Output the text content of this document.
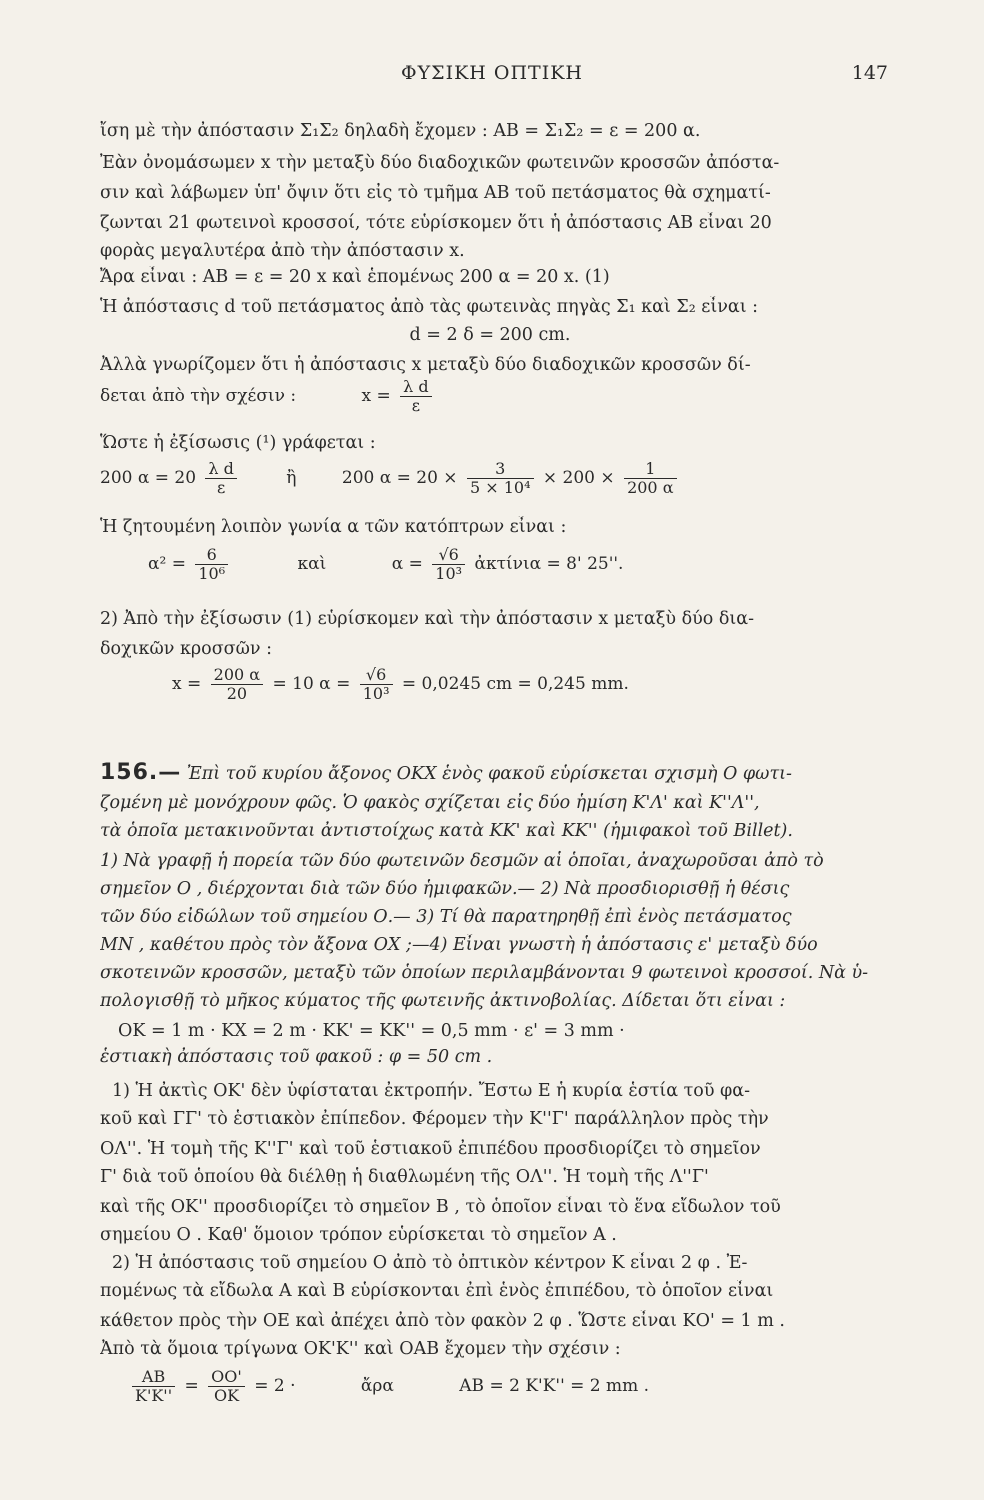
ΦΥΣΙΚΗ ΟΠΤΙΚΗ	147
ἴση μὲ τὴν ἀπόστασιν Σ₁Σ₂ δηλαδὴ ἔχομεν : ΑΒ = Σ₁Σ₂ = ε = 200 α.
Ἐὰν ὀνομάσωμεν x τὴν μεταξὺ δύο διαδοχικῶν φωτεινῶν κροσσῶν ἀπόστα-
σιν καὶ λάβωμεν ὑπ' ὄψιν ὅτι εἰς τὸ τμῆμα ΑΒ τοῦ πετάσματος θὰ σχηματί-
ζωνται 21 φωτεινοὶ κροσσοί, τότε εὑρίσκομεν ὅτι ἡ ἀπόστασις ΑΒ εἶναι 20
φορὰς μεγαλυτέρα ἀπὸ τὴν ἀπόστασιν x.
Ἄρα εἶναι : ΑΒ = ε = 20 x καὶ ἑπομένως 200 α = 20 x. (1)
Ἡ ἀπόστασις d τοῦ πετάσματος ἀπὸ τὰς φωτεινὰς πηγὰς Σ₁ καὶ Σ₂ εἶναι :
d = 2 δ = 200 cm.
Ἀλλὰ γνωρίζομεν ὅτι ἡ ἀπόστασις x μεταξὺ δύο διαδοχικῶν κροσσῶν δί-
δεται ἀπὸ τὴν σχέσιν :	$x = \frac{\text{λ d}}{\varepsilon}$
Ὥστε ἡ ἐξίσωσις (¹) γράφεται :
200 $\alpha = 20 \frac{\text{λ d}}{\varepsilon}$	ἢ	200 $\alpha = 20 \times \frac{3}{\text{5 × 10⁴}} \times 200 \times \frac{1}{200 \alpha}$
Ἡ ζητουμένη λοιπὸν γωνία α τῶν κατόπτρων εἶναι :
$\alpha^2 = \frac{6}{\text{10⁶}}$	καὶ	$\alpha = \frac{√6}{\text{10³}}$ ἀκτίνια = 8' 25''.
2) Ἀπὸ τὴν ἐξίσωσιν (1) εὑρίσκομεν καὶ τὴν ἀπόστασιν x μεταξὺ δύο δια-
δοχικῶν κροσσῶν :
$x = \frac{200 \alpha}{20} = 10$ $\alpha = \frac{√6}{\text{10³}} = 0,0245$ cm = 0,245 mm.
156.— Ἐπὶ τοῦ κυρίου ἄξονος ΟΚΧ ἑνὸς φακοῦ εὑρίσκεται σχισμὴ Ο φωτι-
ζομένη μὲ μονόχρουν φῶς. Ὁ φακὸς σχίζεται εἰς δύο ἡμίση Κ'Λ' καὶ Κ''Λ'',
τὰ ὁποῖα μετακινοῦνται ἀντιστοίχως κατὰ ΚΚ' καὶ ΚΚ'' (ἡμιφακοὶ τοῦ Billet).
1) Νὰ γραφῇ ἡ πορεία τῶν δύο φωτεινῶν δεσμῶν αἱ ὁποῖαι, ἀναχωροῦσαι ἀπὸ τὸ
σημεῖον Ο , διέρχονται διὰ τῶν δύο ἡμιφακῶν.— 2) Νὰ προσδιορισθῇ ἡ θέσις
τῶν δύο εἰδώλων τοῦ σημείου Ο.— 3) Τί θὰ παρατηρηθῇ ἐπὶ ἑνὸς πετάσματος
ΜΝ , καθέτου πρὸς τὸν ἄξονα ΟΧ ;—4) Εἶναι γνωστὴ ἡ ἀπόστασις ε' μεταξὺ δύο
σκοτεινῶν κροσσῶν, μεταξὺ τῶν ὁποίων περιλαμβάνονται 9 φωτεινοὶ κροσσοί. Νὰ ὑ-
πολογισθῇ τὸ μῆκος κύματος τῆς φωτεινῆς ἀκτινοβολίας. Δίδεται ὅτι εἶναι :
ΟΚ = 1 m · ΚΧ = 2 m · ΚΚ' = ΚΚ'' = 0,5 mm · ε' = 3 mm ·
ἑστιακὴ ἀπόστασις τοῦ φακοῦ : φ = 50 cm .
1) Ἡ ἀκτὶς ΟΚ' δὲν ὑφίσταται ἐκτροπήν. Ἔστω Ε ἡ κυρία ἑστία τοῦ φα-
κοῦ καὶ ΓΓ' τὸ ἑστιακὸν ἐπίπεδον. Φέρομεν τὴν Κ''Γ' παράλληλον πρὸς τὴν
ΟΛ''. Ἡ τομὴ τῆς Κ''Γ' καὶ τοῦ ἑστιακοῦ ἐπιπέδου προσδιορίζει τὸ σημεῖον
Γ' διὰ τοῦ ὁποίου θὰ διέλθῃ ἡ διαθλωμένη τῆς ΟΛ''. Ἡ τομὴ τῆς Λ''Γ'
καὶ τῆς ΟΚ'' προσδιορίζει τὸ σημεῖον Β , τὸ ὁποῖον εἶναι τὸ ἕνα εἴδωλον τοῦ
σημείου Ο . Καθ' ὅμοιον τρόπον εὑρίσκεται τὸ σημεῖον Α .
2) Ἡ ἀπόστασις τοῦ σημείου Ο ἀπὸ τὸ ὀπτικὸν κέντρον Κ εἶναι 2 φ . Ἐ-
πομένως τὰ εἴδωλα Α καὶ Β εὑρίσκονται ἐπὶ ἑνὸς ἐπιπέδου, τὸ ὁποῖον εἶναι
κάθετον πρὸς τὴν ΟΕ καὶ ἀπέχει ἀπὸ τὸν φακὸν 2 φ . Ὥστε εἶναι ΚΟ' = 1 m .
Ἀπὸ τὰ ὅμοια τρίγωνα ΟΚ'Κ'' καὶ ΟΑΒ ἔχομεν τὴν σχέσιν :
$\frac{AB}{K'K''} = \frac{OO'}{OK} = 2$ ·	ἄρα	ΑΒ = 2 Κ'Κ'' = 2 mm .
